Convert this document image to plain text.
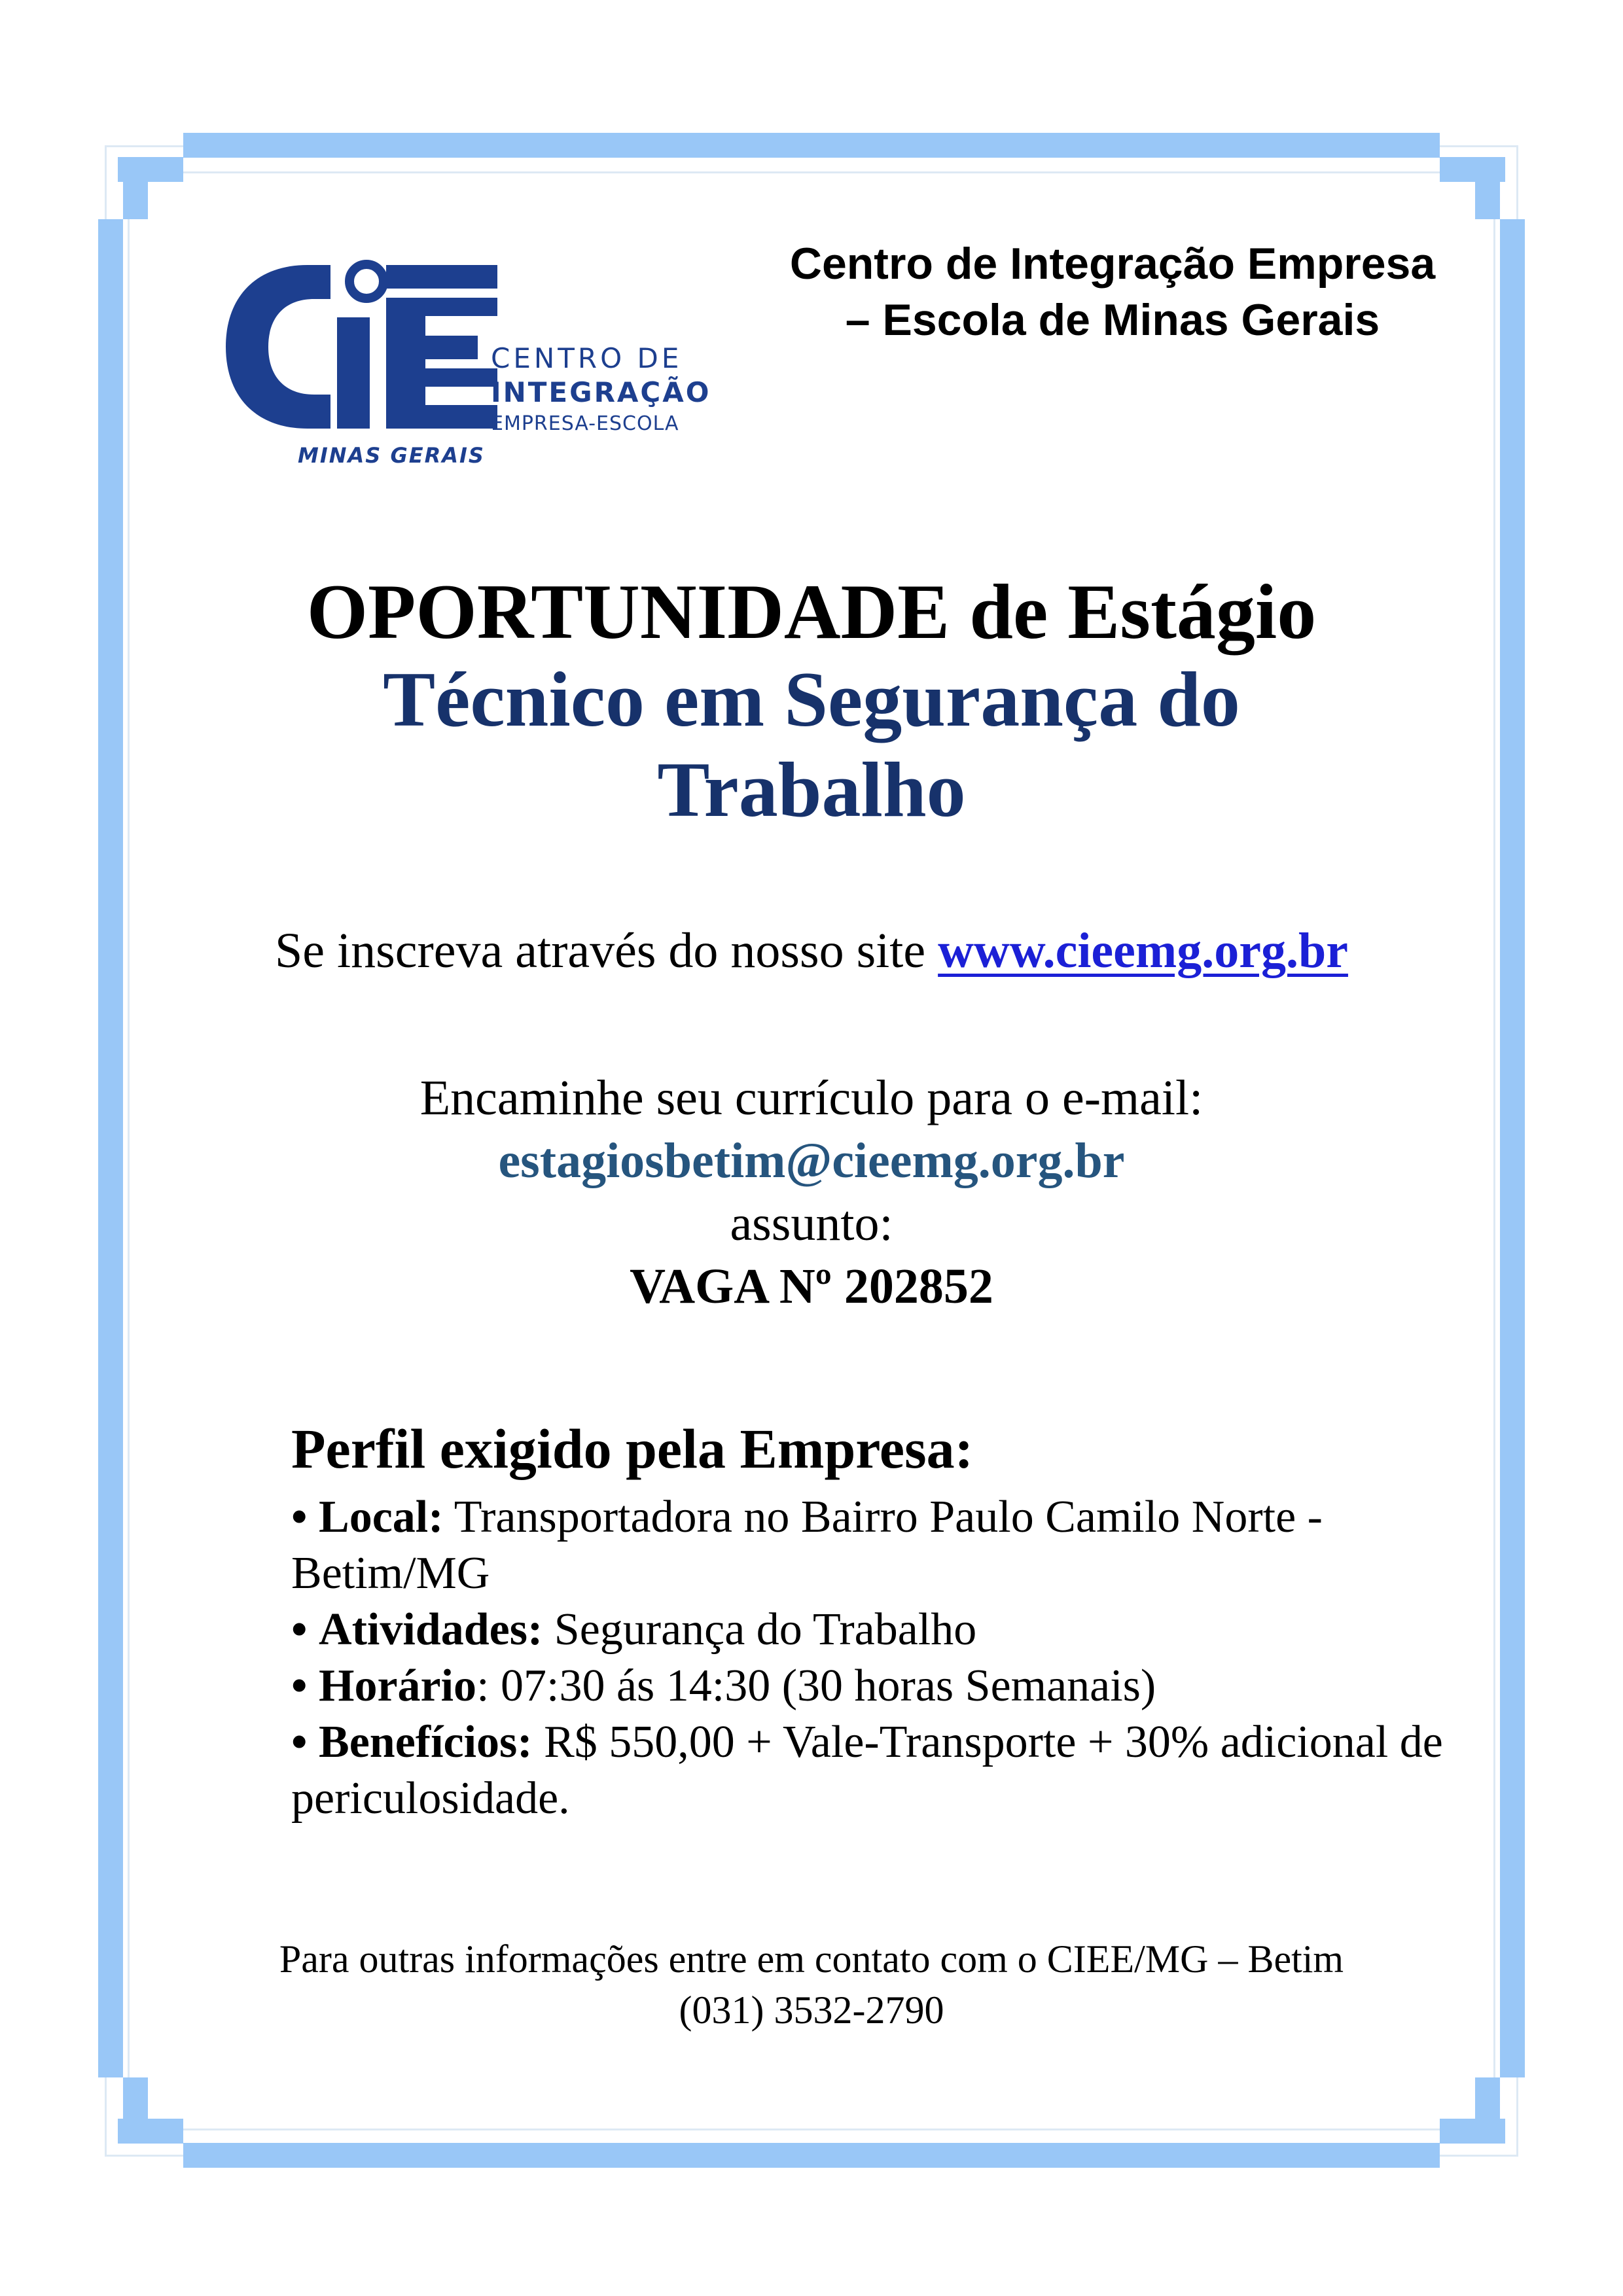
CENTRO DE
INTEGRAÇÃO
EMPRESA-ESCOLA
MINAS GERAIS
Centro de Integração Empresa – Escola de Minas Gerais
OPORTUNIDADE de Estágio
Técnico em Segurança do Trabalho
Se inscreva através do nosso site www.cieemg.org.br
Encaminhe seu currículo para o e-mail:
estagiosbetim@cieemg.org.br
assunto:
VAGA Nº 202852
Perfil exigido pela Empresa:
• Local: Transportadora no Bairro Paulo Camilo Norte - Betim/MG
• Atividades: Segurança do Trabalho
• Horário: 07:30 ás 14:30 (30 horas Semanais)
• Benefícios: R$ 550,00 + Vale-Transporte + 30% adicional de periculosidade.
Para outras informações entre em contato com o CIEE/MG – Betim
(031) 3532-2790
